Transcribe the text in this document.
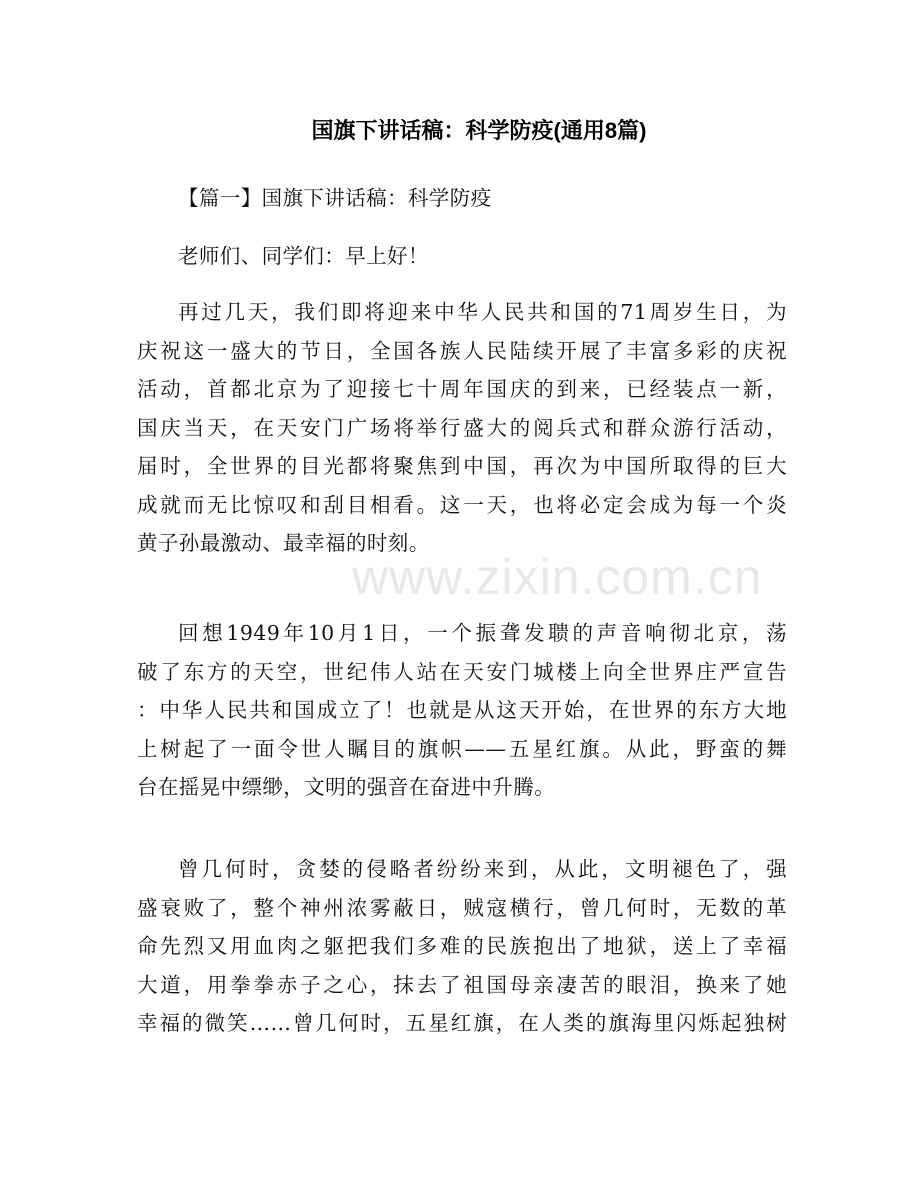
国旗下讲话稿：科学防疫(通用8篇)
【篇一】国旗下讲话稿：科学防疫
老师们、同学们：早上好！
再过几天，我们即将迎来中华人民共和国的71周岁生日，为
庆祝这一盛大的节日，全国各族人民陆续开展了丰富多彩的庆祝
活动，首都北京为了迎接七十周年国庆的到来，已经装点一新，
国庆当天，在天安门广场将举行盛大的阅兵式和群众游行活动，
届时，全世界的目光都将聚焦到中国，再次为中国所取得的巨大
成就而无比惊叹和刮目相看。这一天，也将必定会成为每一个炎
黄子孙最激动、最幸福的时刻。
回想1949年10月1日，一个振聋发聩的声音响彻北京，荡
破了东方的天空，世纪伟人站在天安门城楼上向全世界庄严宣告
：中华人民共和国成立了！也就是从这天开始，在世界的东方大地
上树起了一面令世人瞩目的旗帜——五星红旗。从此，野蛮的舞
台在摇晃中缥缈，文明的强音在奋进中升腾。
曾几何时，贪婪的侵略者纷纷来到，从此，文明褪色了，强
盛衰败了，整个神州浓雾蔽日，贼寇横行，曾几何时，无数的革
命先烈又用血肉之躯把我们多难的民族抱出了地狱，送上了幸福
大道，用拳拳赤子之心，抹去了祖国母亲凄苦的眼泪，换来了她
幸福的微笑……曾几何时，五星红旗，在人类的旗海里闪烁起独树
www.zixin.com.cn
